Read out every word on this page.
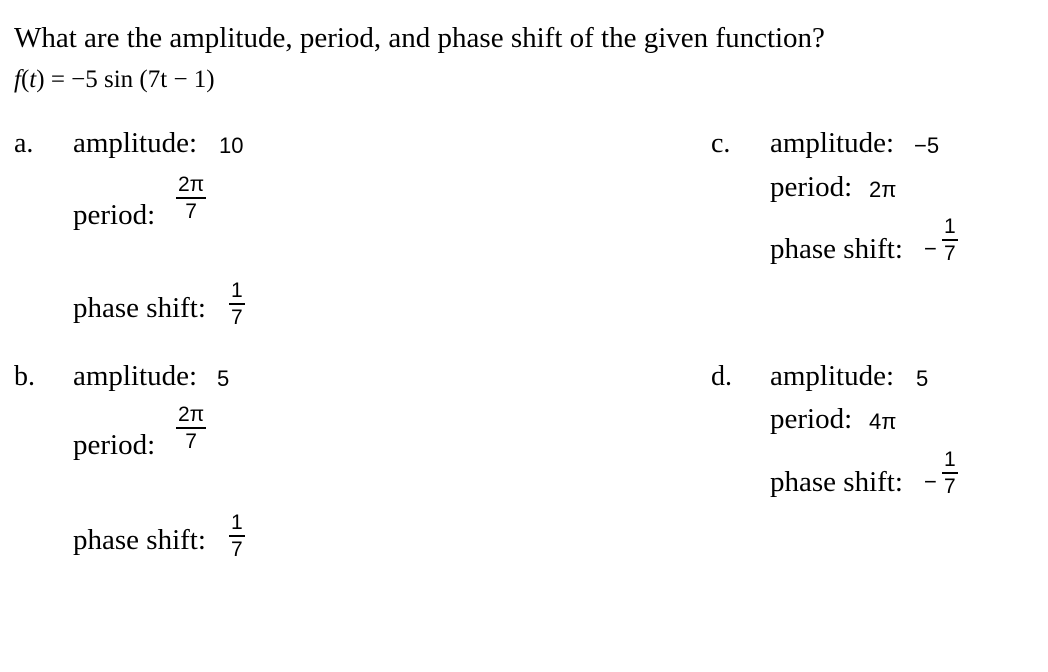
What are the amplitude, period, and phase shift of the given function?
f(t) = −5 sin (7t − 1)
a. amplitude: 10
period:
2π
7
phase shift:
1
7
b. amplitude: 5
period:
2π
7
phase shift:
1
7
c. amplitude: −5
period: 2π
phase shift: −
1
7
d. amplitude: 5
period: 4π
phase shift: −
1
7
